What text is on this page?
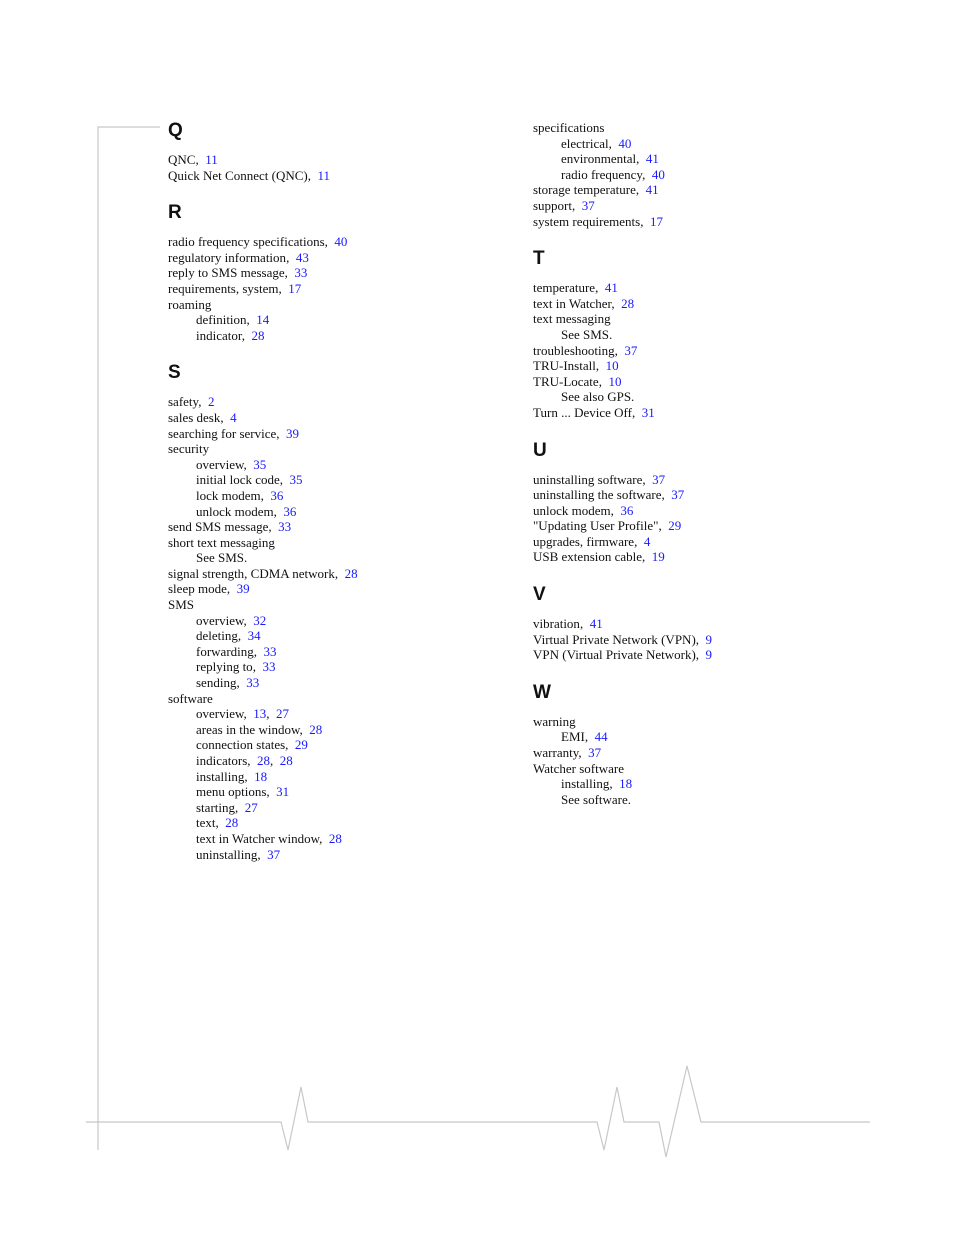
Q
QNC,  11
Quick Net Connect (QNC),  11
R
radio frequency specifications,  40
regulatory information,  43
reply to SMS message,  33
requirements, system,  17
roaming
definition,  14
indicator,  28
S
safety,  2
sales desk,  4
searching for service,  39
security
overview,  35
initial lock code,  35
lock modem,  36
unlock modem,  36
send SMS message,  33
short text messaging
See SMS.
signal strength, CDMA network,  28
sleep mode,  39
SMS
overview,  32
deleting,  34
forwarding,  33
replying to,  33
sending,  33
software
overview,  13,  27
areas in the window,  28
connection states,  29
indicators,  28,  28
installing,  18
menu options,  31
starting,  27
text,  28
text in Watcher window,  28
uninstalling,  37
specifications
electrical,  40
environmental,  41
radio frequency,  40
storage temperature,  41
support,  37
system requirements,  17
T
temperature,  41
text in Watcher,  28
text messaging
See SMS.
troubleshooting,  37
TRU-Install,  10
TRU-Locate,  10
See also GPS.
Turn ... Device Off,  31
U
uninstalling software,  37
uninstalling the software,  37
unlock modem,  36
"Updating User Profile",  29
upgrades, firmware,  4
USB extension cable,  19
V
vibration,  41
Virtual Private Network (VPN),  9
VPN (Virtual Private Network),  9
W
warning
EMI,  44
warranty,  37
Watcher software
installing,  18
See software.
